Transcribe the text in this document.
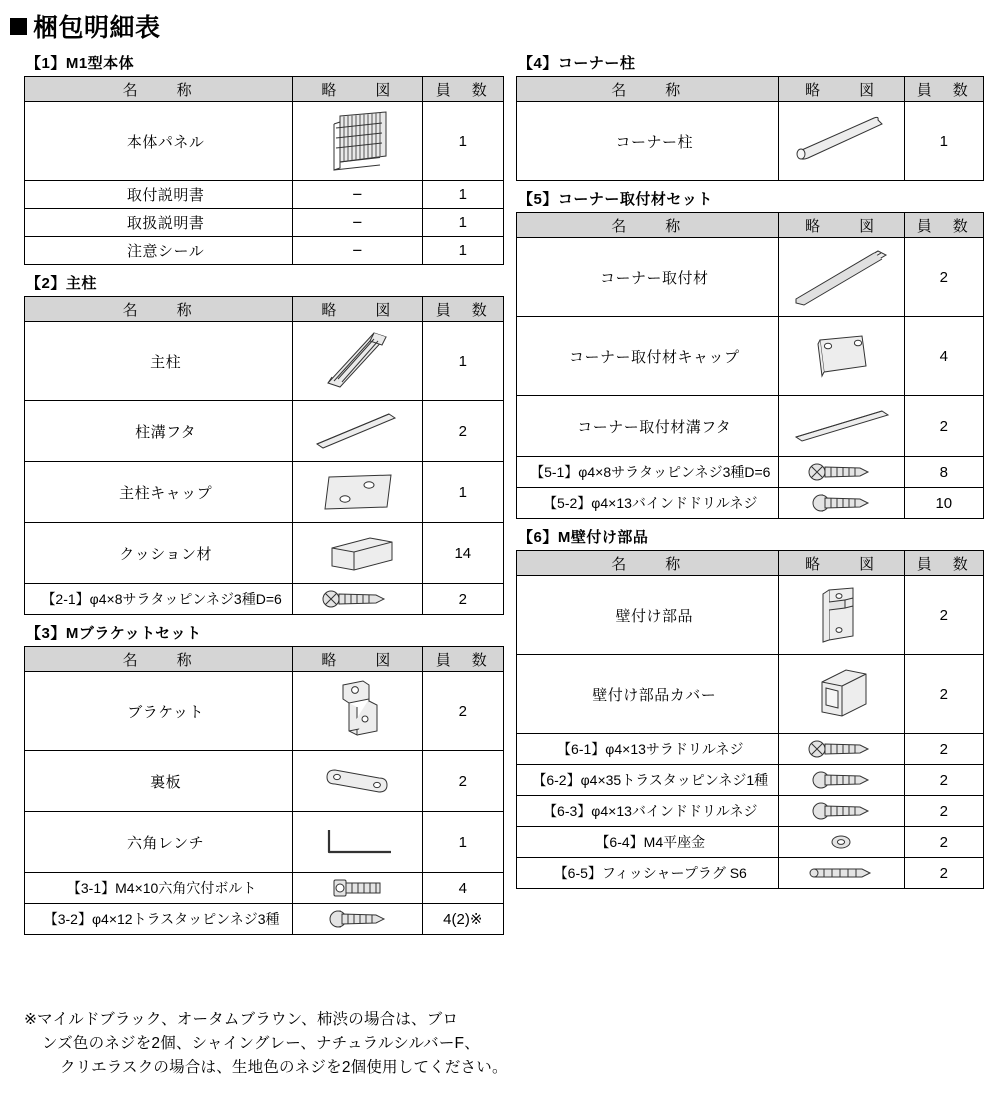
梱包明細表
【1】M1型本体
名　　称	略　　図	員　数
本体パネル		1
取付説明書	−	1
取扱説明書	−	1
注意シール	−	1
【2】主柱
名　　称	略　　図	員　数
主柱		1
柱溝フタ		2
主柱キャップ		1
クッション材		14
【2-1】φ4×8サラタッピンネジ3種D=6		2
【3】Mブラケットセット
名　　称	略　　図	員　数
ブラケット		2
裏板		2
六角レンチ		1
【3-1】M4×10六角穴付ボルト		4
【3-2】φ4×12トラスタッピンネジ3種		4(2)※
【4】コーナー柱
名　　称	略　　図	員　数
コーナー柱		1
【5】コーナー取付材セット
名　　称	略　　図	員　数
コーナー取付材		2
コーナー取付材キャップ		4
コーナー取付材溝フタ		2
【5-1】φ4×8サラタッピンネジ3種D=6		8
【5-2】φ4×13バインドドリルネジ		10
【6】M壁付け部品
名　　称	略　　図	員　数
壁付け部品		2
壁付け部品カバー		2
【6-1】φ4×13サラドリルネジ		2
【6-2】φ4×35トラスタッピンネジ1種		2
【6-3】φ4×13バインドドリルネジ		2
【6-4】M4平座金		2
【6-5】フィッシャープラグ S6		2
※マイルドブラック、オータムブラウン、柿渋の場合は、ブロ
ンズ色のネジを2個、シャイングレー、ナチュラルシルバーF、
クリエラスクの場合は、生地色のネジを2個使用してください。
